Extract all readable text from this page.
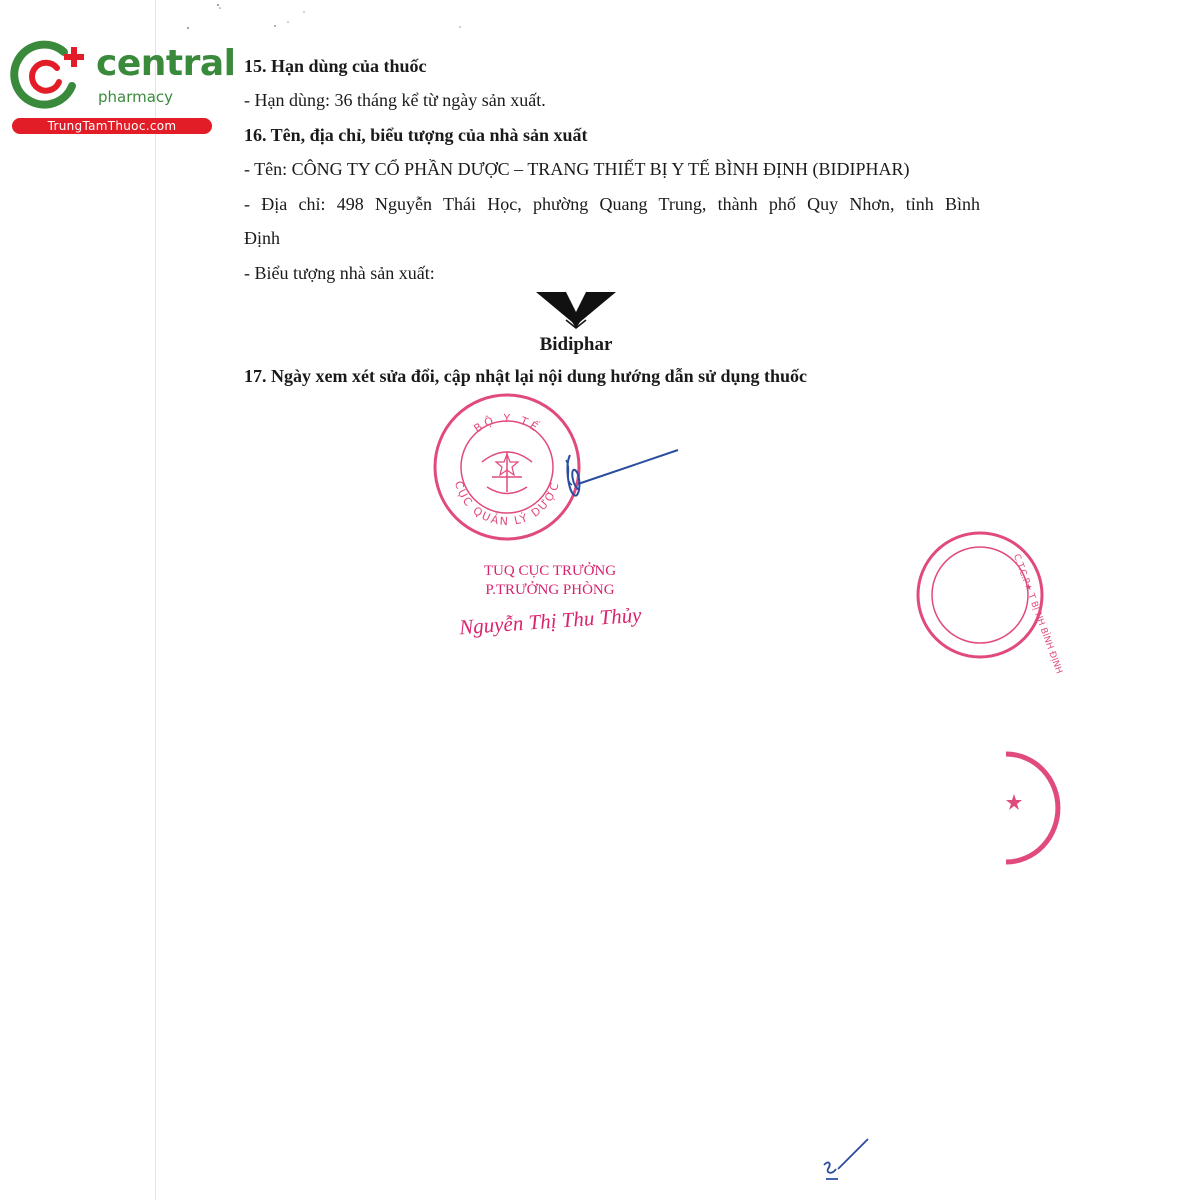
central
pharmacy
TrungTamThuoc.com
15. Hạn dùng của thuốc
- Hạn dùng: 36 tháng kể từ ngày sản xuất.
16. Tên, địa chỉ, biểu tượng của nhà sản xuất
- Tên: CÔNG TY CỔ PHẦN DƯỢC – TRANG THIẾT BỊ Y TẾ BÌNH ĐỊNH (BIDIPHAR)
- Địa chỉ: 498 Nguyễn Thái Học, phường Quang Trung, thành phố Quy Nhơn, tỉnh Bình
Định
- Biểu tượng nhà sản xuất:
17. Ngày xem xét sửa đổi, cập nhật lại nội dung hướng dẫn sử dụng thuốc
Bidiphar
BỘ Y TẾ
CỤC QUẢN LÝ DƯỢC
TUQ CỤC TRƯỞNG
P.TRƯỞNG PHÒNG
Nguyễn Thị Thu Thủy	C.T.C.P★ T BỊ NH BÌNH ĐỊNH
